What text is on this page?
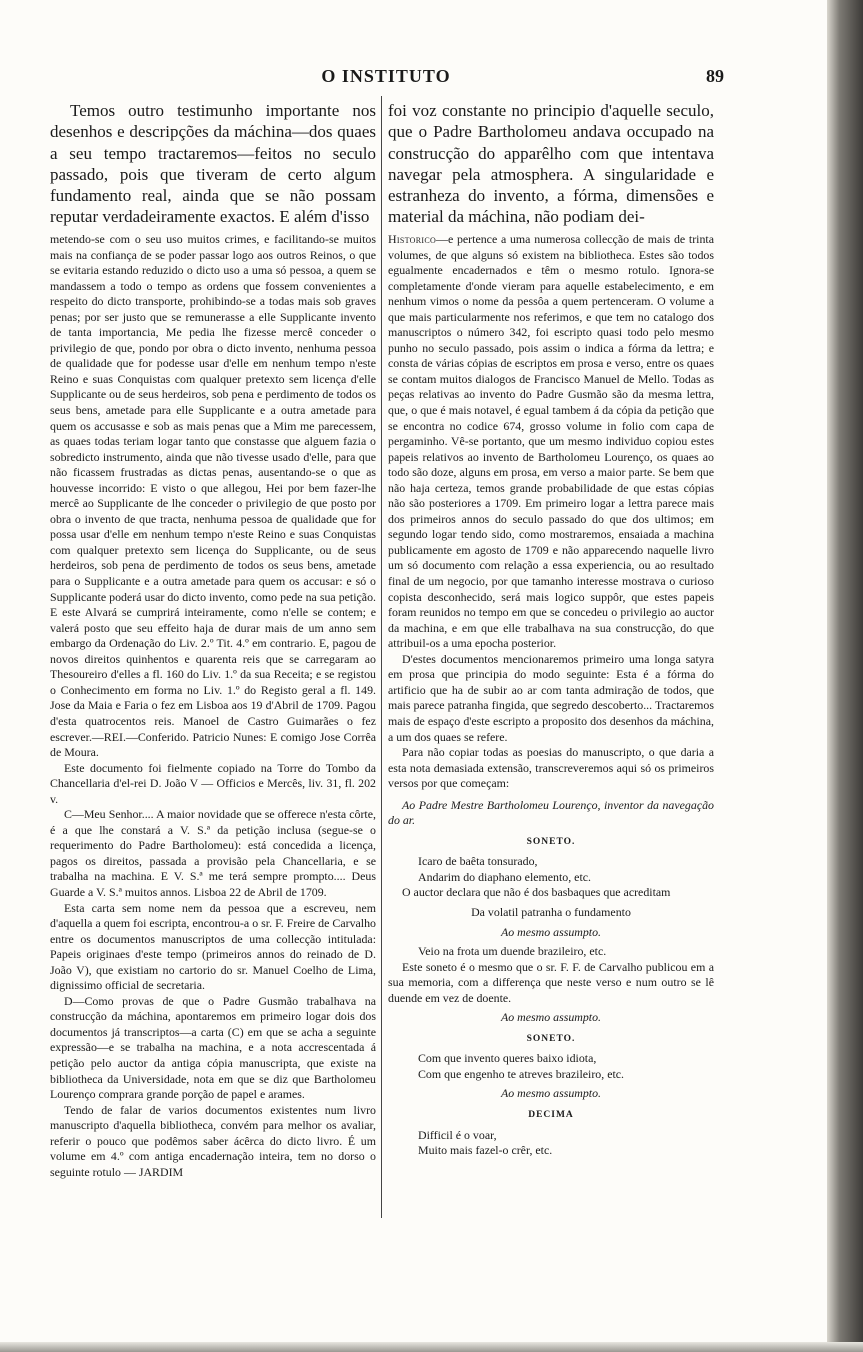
O INSTITUTO	89

Temos outro testimunho importante nos desenhos e descripções da máchina—dos quaes a seu tempo tractaremos—feitos no seculo passado, pois que tiveram de certo algum fundamento real, ainda que se não possam reputar verdadeiramente exactos. E além d'isso

foi voz constante no principio d'aquelle seculo, que o Padre Bartholomeu andava occupado na construcção do apparêlho com que intentava navegar pela atmosphera. A singularidade e estranheza do invento, a fórma, dimensões e material da máchina, não podiam dei-

metendo-se com o seu uso muitos crimes, e facilitando-se muitos mais na confiança de se poder passar logo aos outros Reinos, o que se evitaria estando reduzido o dicto uso a uma só pessoa, a quem se mandassem a todo o tempo as ordens que fossem convenientes a respeito do dicto transporte, prohibindo-se a todas mais sob graves penas; por ser justo que se remunerasse a elle Supplicante invento de tanta importancia, Me pedia lhe fizesse mercê conceder o privilegio de que, pondo por obra o dicto invento, nenhuma pessoa de qualidade que for podesse usar d'elle em nenhum tempo n'este Reino e suas Conquistas com qualquer pretexto sem licença d'elle Supplicante ou de seus herdeiros, sob pena e perdimento de todos os seus bens, ametade para elle Supplicante e a outra ametade para quem os accusasse e sob as mais penas que a Mim me parecessem, as quaes todas teriam logar tanto que constasse que alguem fazia o sobredicto instrumento, ainda que não tivesse usado d'elle, para que não ficassem frustradas as dictas penas, ausentando-se o que as houvesse incorrido: E visto o que allegou, Hei por bem fazer-lhe mercê ao Supplicante de lhe conceder o privilegio de que posto por obra o invento de que tracta, nenhuma pessoa de qualidade que for possa usar d'elle em nenhum tempo n'este Reino e suas Conquistas com qualquer pretexto sem licença do Supplicante, ou de seus herdeiros, sob pena de perdimento de todos os seus bens, ametade para o Supplicante e a outra ametade para quem os accusar: e só o Supplicante poderá usar do dicto invento, como pede na sua petição. E este Alvará se cumprirá inteiramente, como n'elle se contem; e valerá posto que seu effeito haja de durar mais de um anno sem embargo da Ordenação do Liv. 2.º Tit. 4.º em contrario. E, pagou de novos direitos quinhentos e quarenta reis que se carregaram ao Thesoureiro d'elles a fl. 160 do Liv. 1.º da sua Receita; e se registou o Conhecimento em forma no Liv. 1.º do Registo geral a fl. 149. Jose da Maia e Faria o fez em Lisboa aos 19 d'Abril de 1709. Pagou d'esta quatrocentos reis. Manoel de Castro Guimarães o fez escrever.—REI.—Conferido. Patricio Nunes: E comigo Jose Corrêa de Moura.

Este documento foi fielmente copiado na Torre do Tombo da Chancellaria d'el-rei D. João V — Officios e Mercês, liv. 31, fl. 202 v.

C—Meu Senhor.... A maior novidade que se offerece n'esta côrte, é a que lhe constará a V. S.ª da petição inclusa (segue-se o requerimento do Padre Bartholomeu): está concedida a licença, pagos os direitos, passada a provisão pela Chancellaria, e se trabalha na machina. E V. S.ª me terá sempre prompto.... Deus Guarde a V. S.ª muitos annos. Lisboa 22 de Abril de 1709.

Esta carta sem nome nem da pessoa que a escreveu, nem d'aquella a quem foi escripta, encontrou-a o sr. F. Freire de Carvalho entre os documentos manuscriptos de uma collecção intitulada: Papeis originaes d'este tempo (primeiros annos do reinado de D. João V), que existiam no cartorio do sr. Manuel Coelho de Lima, dignissimo official de secretaria.

D—Como provas de que o Padre Gusmão trabalhava na construcção da máchina, apontaremos em primeiro logar dois dos documentos já transcriptos—a carta (C) em que se acha a seguinte expressão—e se trabalha na machina, e a nota accrescentada á petição pelo auctor da antiga cópia manuscripta, que existe na bibliotheca da Universidade, nota em que se diz que Bartholomeu Lourenço comprara grande porção de papel e arames.

Tendo de falar de varios documentos existentes num livro manuscripto d'aquella bibliotheca, convém para melhor os avaliar, referir o pouco que podêmos saber ácêrca do dicto livro. É um volume em 4.º com antiga encadernação inteira, tem no dorso o seguinte rotulo — JARDIM

Historico—e pertence a uma numerosa collecção de mais de trinta volumes, de que alguns só existem na bibliotheca. Estes são todos egualmente encadernados e têm o mesmo rotulo. Ignora-se completamente d'onde vieram para aquelle estabelecimento, e em nenhum vimos o nome da pessôa a quem pertenceram. O volume a que mais particularmente nos referimos, e que tem no catalogo dos manuscriptos o número 342, foi escripto quasi todo pelo mesmo punho no seculo passado, pois assim o indica a fórma da lettra; e consta de várias cópias de escriptos em prosa e verso, entre os quaes se contam muitos dialogos de Francisco Manuel de Mello. Todas as peças relativas ao invento do Padre Gusmão são da mesma lettra, que, o que é mais notavel, é egual tambem á da cópia da petição que se encontra no codice 674, grosso volume in folio com capa de pergaminho. Vê-se portanto, que um mesmo individuo copiou estes papeis relativos ao invento de Bartholomeu Lourenço, os quaes ao todo são doze, alguns em prosa, em verso a maior parte. Se bem que não haja certeza, temos grande probabilidade de que estas cópias não são posteriores a 1709. Em primeiro logar a lettra parece mais dos primeiros annos do seculo passado do que dos ultimos; em segundo logar tendo sido, como mostraremos, ensaiada a machina publicamente em agosto de 1709 e não apparecendo naquelle livro um só documento com relação a essa experiencia, ou ao resultado final de um negocio, por que tamanho interesse mostrava o curioso copista desconhecido, será mais logico suppôr, que estes papeis foram reunidos no tempo em que se concedeu o privilegio ao auctor da machina, e em que elle trabalhava na sua construcção, do que attribuil-os a uma epocha posterior.

D'estes documentos mencionaremos primeiro uma longa satyra em prosa que principia do modo seguinte: Esta é a fórma do artificio que ha de subir ao ar com tanta admiração de todos, que mais parece patranha fingida, que segredo descoberto... Tractaremos mais de espaço d'este escripto a proposito dos desenhos da máchina, a um dos quaes se refere.

Para não copiar todas as poesias do manuscripto, o que daria a esta nota demasiada extensão, transcreveremos aqui só os primeiros versos por que começam:

Ao Padre Mestre Bartholomeu Lourenço, inventor da navegação do ar.

SONETO.

Icaro de baêta tonsurado,

Andarim do diaphano elemento, etc.

O auctor declara que não é dos basbaques que acreditam

Da volatil patranha o fundamento

Ao mesmo assumpto.

Veio na frota um duende brazileiro, etc.

Este soneto é o mesmo que o sr. F. F. de Carvalho publicou em a sua memoria, com a differença que neste verso e num outro se lê duende em vez de doente.

Ao mesmo assumpto.

SONETO.

Com que invento queres baixo idiota,

Com que engenho te atreves brazileiro, etc.

Ao mesmo assumpto.

DECIMA

Difficil é o voar,

Muito mais fazel-o crêr, etc.
